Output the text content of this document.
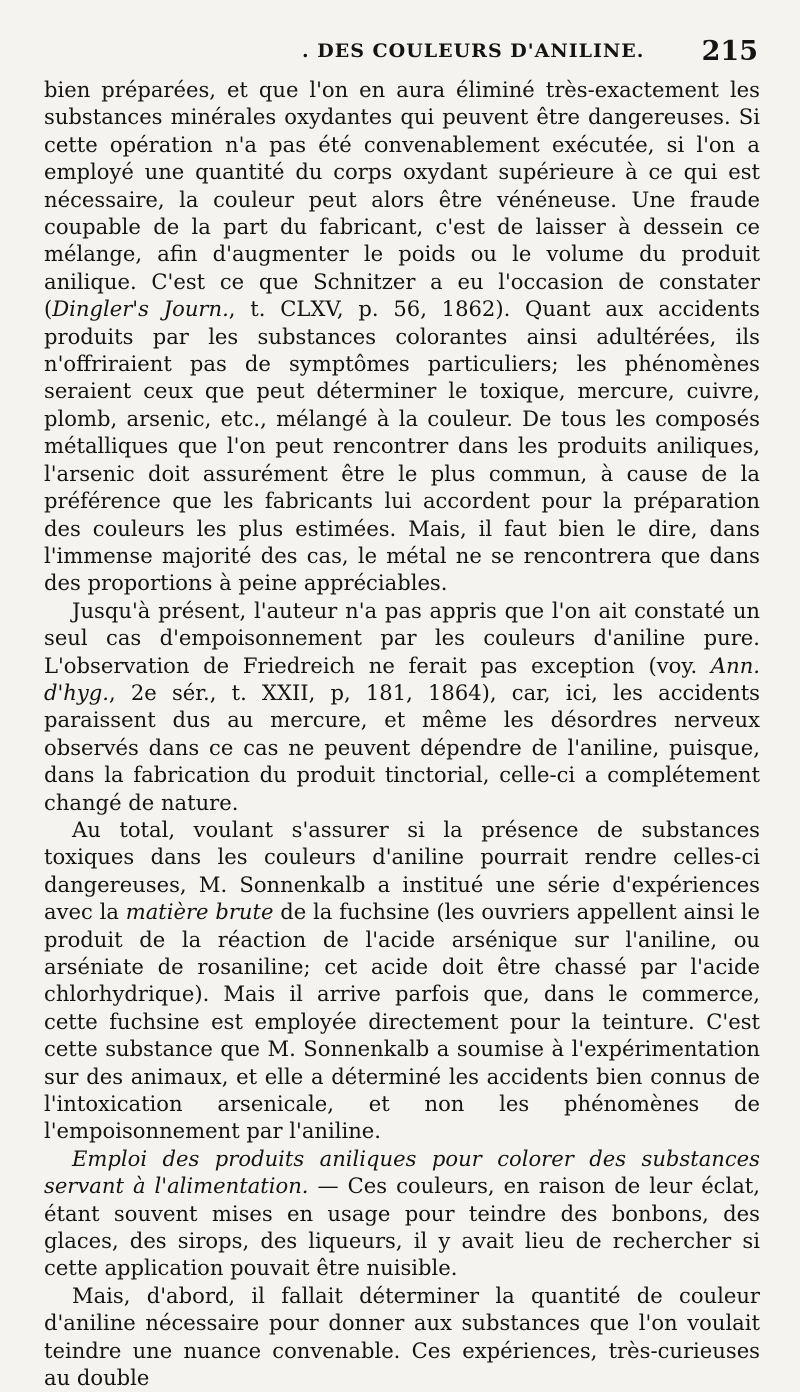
. DES COULEURS D'ANILINE. 215

bien préparées, et que l'on en aura éliminé très-exactement les substances minérales oxydantes qui peuvent être dangereuses. Si cette opération n'a pas été convenablement exécutée, si l'on a employé une quantité du corps oxydant supérieure à ce qui est nécessaire, la couleur peut alors être vénéneuse. Une fraude coupable de la part du fabricant, c'est de laisser à dessein ce mélange, afin d'augmenter le poids ou le volume du produit anilique. C'est ce que Schnitzer a eu l'occasion de constater (Dingler's Journ., t. CLXV, p. 56, 1862). Quant aux accidents produits par les substances colorantes ainsi adultérées, ils n'offriraient pas de symptômes particuliers; les phénomènes seraient ceux que peut déterminer le toxique, mercure, cuivre, plomb, arsenic, etc., mélangé à la couleur. De tous les composés métalliques que l'on peut rencontrer dans les produits aniliques, l'arsenic doit assurément être le plus commun, à cause de la préférence que les fabricants lui accordent pour la préparation des couleurs les plus estimées. Mais, il faut bien le dire, dans l'immense majorité des cas, le métal ne se rencontrera que dans des proportions à peine appréciables.

Jusqu'à présent, l'auteur n'a pas appris que l'on ait constaté un seul cas d'empoisonnement par les couleurs d'aniline pure. L'observation de Friedreich ne ferait pas exception (voy. Ann. d'hyg., 2e sér., t. XXII, p, 181, 1864), car, ici, les accidents paraissent dus au mercure, et même les désordres nerveux observés dans ce cas ne peuvent dépendre de l'aniline, puisque, dans la fabrication du produit tinctorial, celle-ci a complétement changé de nature.

Au total, voulant s'assurer si la présence de substances toxiques dans les couleurs d'aniline pourrait rendre celles-ci dangereuses, M. Sonnenkalb a institué une série d'expériences avec la matière brute de la fuchsine (les ouvriers appellent ainsi le produit de la réaction de l'acide arsénique sur l'aniline, ou arséniate de rosaniline; cet acide doit être chassé par l'acide chlorhydrique). Mais il arrive parfois que, dans le commerce, cette fuchsine est employée directement pour la teinture. C'est cette substance que M. Sonnenkalb a soumise à l'expérimentation sur des animaux, et elle a déterminé les accidents bien connus de l'intoxication arsenicale, et non les phénomènes de l'empoisonnement par l'aniline.

Emploi des produits aniliques pour colorer des substances servant à l'alimentation. — Ces couleurs, en raison de leur éclat, étant souvent mises en usage pour teindre des bonbons, des glaces, des sirops, des liqueurs, il y avait lieu de rechercher si cette application pouvait être nuisible.

Mais, d'abord, il fallait déterminer la quantité de couleur d'aniline nécessaire pour donner aux substances que l'on voulait teindre une nuance convenable. Ces expériences, très-curieuses au double
